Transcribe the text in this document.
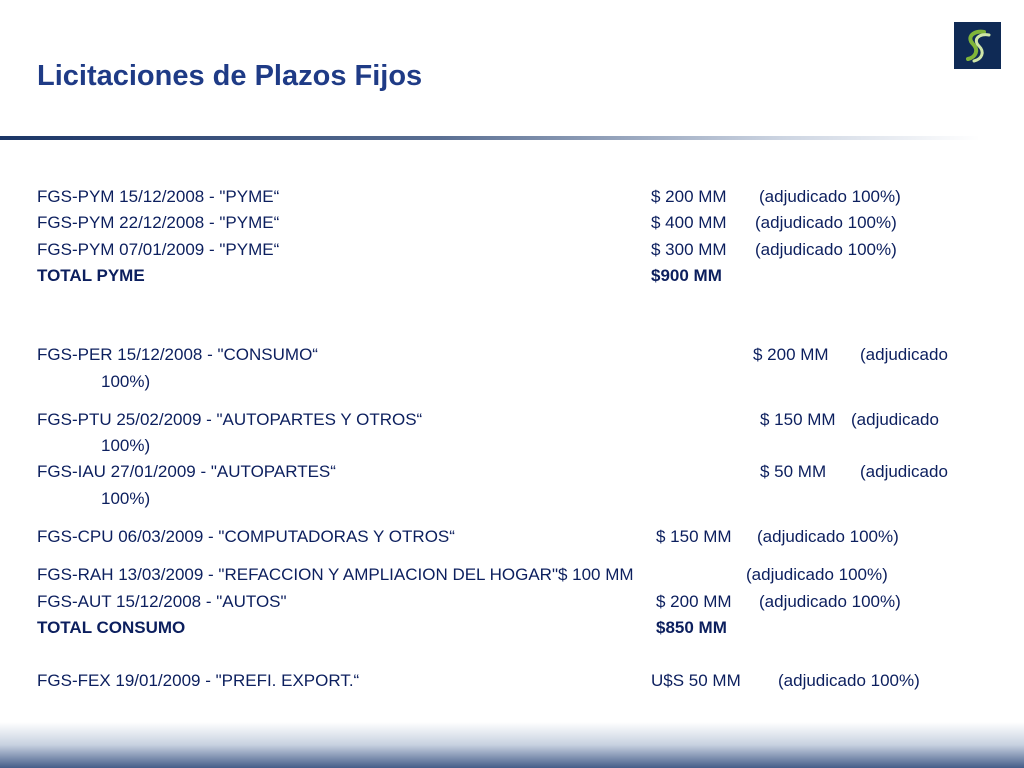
Licitaciones de Plazos Fijos
FGS-PYM 15/12/2008 - "PYME“	$ 200 MM (adjudicado 100%)
FGS-PYM 22/12/2008 - "PYME“	$ 400 MM (adjudicado 100%)
FGS-PYM 07/01/2009 - "PYME“	$ 300 MM (adjudicado 100%)
TOTAL PYME	$900 MM
FGS-PER 15/12/2008 - "CONSUMO“	$ 200 MM (adjudicado
100%)
FGS-PTU 25/02/2009 - "AUTOPARTES Y OTROS“	$ 150 MM (adjudicado
100%)
FGS-IAU 27/01/2009 - "AUTOPARTES“	$ 50 MM (adjudicado
100%)
FGS-CPU 06/03/2009 - "COMPUTADORAS Y OTROS“	$ 150 MM (adjudicado 100%)
FGS-RAH 13/03/2009 - "REFACCION Y AMPLIACION DEL HOGAR"$ 100 MM	(adjudicado 100%)
FGS-AUT 15/12/2008 - "AUTOS"	$ 200 MM (adjudicado 100%)
TOTAL CONSUMO	$850 MM
FGS-FEX 19/01/2009 - "PREFI. EXPORT.“	U$S 50 MM (adjudicado 100%)
